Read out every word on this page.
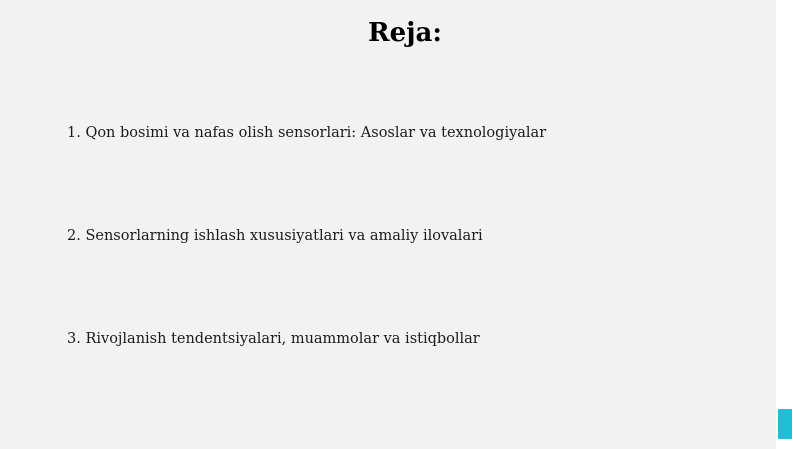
Reja:
1. Qon bosimi va nafas olish sensorlari: Asoslar va texnologiyalar
2. Sensorlarning ishlash xususiyatlari va amaliy ilovalari
3. Rivojlanish tendentsiyalari, muammolar va istiqbollar
